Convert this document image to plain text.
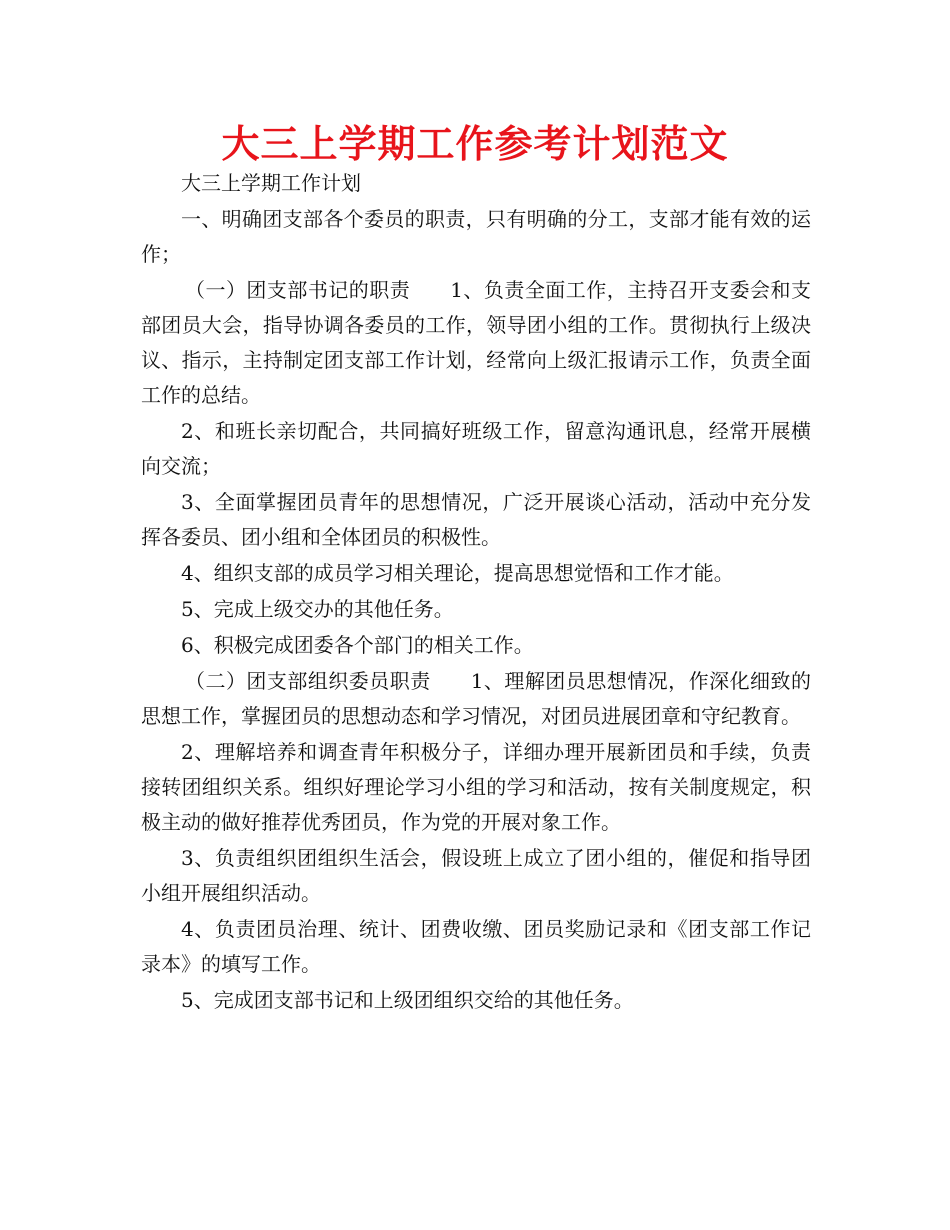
大三上学期工作参考计划范文

大三上学期工作计划

一、明确团支部各个委员的职责，只有明确的分工，支部才能有效的运作；

（一）团支部书记的职责 1、负责全面工作，主持召开支委会和支部团员大会，指导协调各委员的工作，领导团小组的工作。贯彻执行上级决议、指示，主持制定团支部工作计划，经常向上级汇报请示工作，负责全面工作的总结。

2、和班长亲切配合，共同搞好班级工作，留意沟通讯息，经常开展横向交流；

3、全面掌握团员青年的思想情况，广泛开展谈心活动，活动中充分发挥各委员、团小组和全体团员的积极性。

4、组织支部的成员学习相关理论，提高思想觉悟和工作才能。

5、完成上级交办的其他任务。

6、积极完成团委各个部门的相关工作。

（二）团支部组织委员职责 1、理解团员思想情况，作深化细致的思想工作，掌握团员的思想动态和学习情况，对团员进展团章和守纪教育。

2、理解培养和调查青年积极分子，详细办理开展新团员和手续，负责接转团组织关系。组织好理论学习小组的学习和活动，按有关制度规定，积极主动的做好推荐优秀团员，作为党的开展对象工作。

3、负责组织团组织生活会，假设班上成立了团小组的，催促和指导团小组开展组织活动。

4、负责团员治理、统计、团费收缴、团员奖励记录和《团支部工作记录本》的填写工作。

5、完成团支部书记和上级团组织交给的其他任务。
